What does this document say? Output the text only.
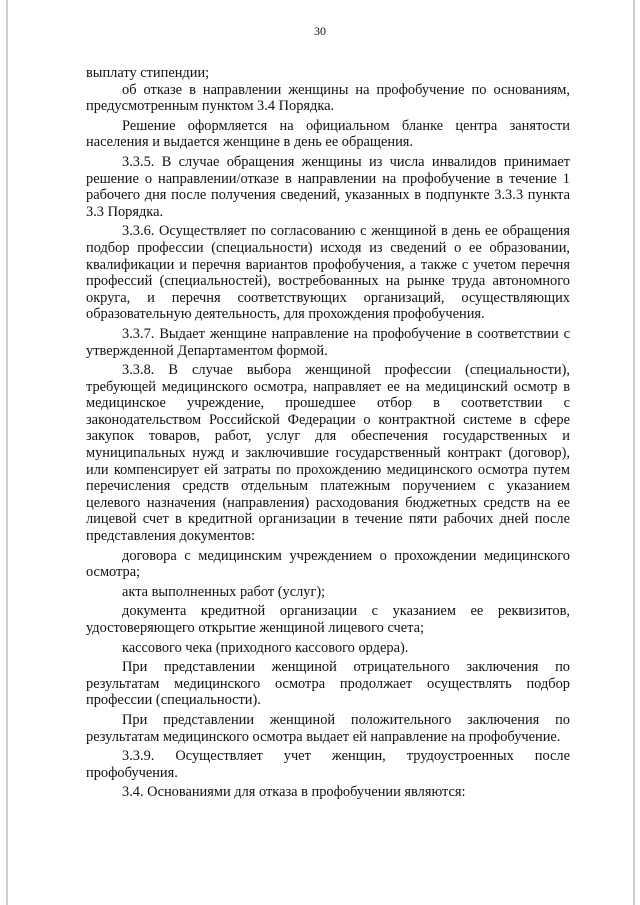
30

выплату стипендии;

об отказе в направлении женщины на профобучение по основаниям, предусмотренным пунктом 3.4 Порядка.

Решение оформляется на официальном бланке центра занятости населения и выдается женщине в день ее обращения.

3.3.5. В случае обращения женщины из числа инвалидов принимает решение о направлении/отказе в направлении на профобучение в течение 1 рабочего дня после получения сведений, указанных в подпункте 3.3.3 пункта 3.3 Порядка.

3.3.6. Осуществляет по согласованию с женщиной в день ее обращения подбор профессии (специальности) исходя из сведений о ее образовании, квалификации и перечня вариантов профобучения, а также с учетом перечня профессий (специальностей), востребованных на рынке труда автономного округа, и перечня соответствующих организаций, осуществляющих образовательную деятельность, для прохождения профобучения.

3.3.7. Выдает женщине направление на профобучение в соответствии с утвержденной Департаментом формой.

3.3.8. В случае выбора женщиной профессии (специальности), требующей медицинского осмотра, направляет ее на медицинский осмотр в медицинское учреждение, прошедшее отбор в соответствии с законодательством Российской Федерации о контрактной системе в сфере закупок товаров, работ, услуг для обеспечения государственных и муниципальных нужд и заключившие государственный контракт (договор), или компенсирует ей затраты по прохождению медицинского осмотра путем перечисления средств отдельным платежным поручением с указанием целевого назначения (направления) расходования бюджетных средств на ее лицевой счет в кредитной организации в течение пяти рабочих дней после представления документов:

договора с медицинским учреждением о прохождении медицинского осмотра;

акта выполненных работ (услуг);

документа кредитной организации с указанием ее реквизитов, удостоверяющего открытие женщиной лицевого счета;

кассового чека (приходного кассового ордера).

При представлении женщиной отрицательного заключения по результатам медицинского осмотра продолжает осуществлять подбор профессии (специальности).

При представлении женщиной положительного заключения по результатам медицинского осмотра выдает ей направление на профобучение.

3.3.9. Осуществляет учет женщин, трудоустроенных после профобучения.

3.4. Основаниями для отказа в профобучении являются:
